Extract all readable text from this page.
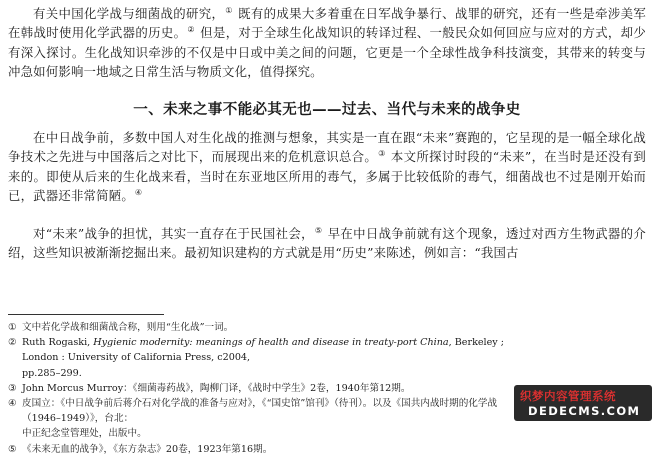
有关中国化学战与细菌战的研究，① 既有的成果大多着重在日军战争暴行、战罪的研究，还有一些是牵涉美军在韩战时使用化学武器的历史。② 但是，对于全球生化战知识的转译过程、一般民众如何回应与应对的方式，却少有深入探讨。生化战知识牵涉的不仅是中日或中美之间的问题，它更是一个全球性战争科技演变，其带来的转变与冲急如何影响一地域之日常生活与物质文化，值得探究。

一、未来之事不能必其无也——过去、当代与未来的战争史

在中日战争前，多数中国人对生化战的推测与想象，其实是一直在跟“未来”赛跑的，它呈现的是一幅全球化战争技术之先进与中国落后之对比下，而展现出来的危机意识总合。③ 本文所探讨时段的“未来”，在当时是还没有到来的。即使从后来的生化战来看，当时在东亚地区所用的毒气，多属于比较低阶的毒气，细菌战也不过是刚开始而已，武器还非常简陋。④

对“未来”战争的担忧，其实一直存在于民国社会，⑤ 早在中日战争前就有这个现象，透过对西方生物武器的介绍，这些知识被渐渐挖掘出来。最初知识建构的方式就是用“历史”来陈述，例如言：“我国古

① 文中若化学战和细菌战合称，则用“生化战”一词。
② Ruth Rogaski, Hygienic modernity: meanings of health and disease in treaty-port China, Berkeley ; London : University of California Press, c2004,
pp.285–299.
③ John Morcus Murroy：《细菌毒药战》，陶柳门译，《战时中学生》2卷，1940年第12期。
④ 皮国立：《中日战争前后蒋介石对化学战的准备与应对》，《“国史馆”馆刊》（待刊）。以及《国共内战时期的化学战（1946–1949）》，台北：
中正纪念堂管理处，出版中。
⑤ 《未来无血的战争》，《东方杂志》20卷，1923年第16期。
织梦内容管理系统
DEDECMS.COM
